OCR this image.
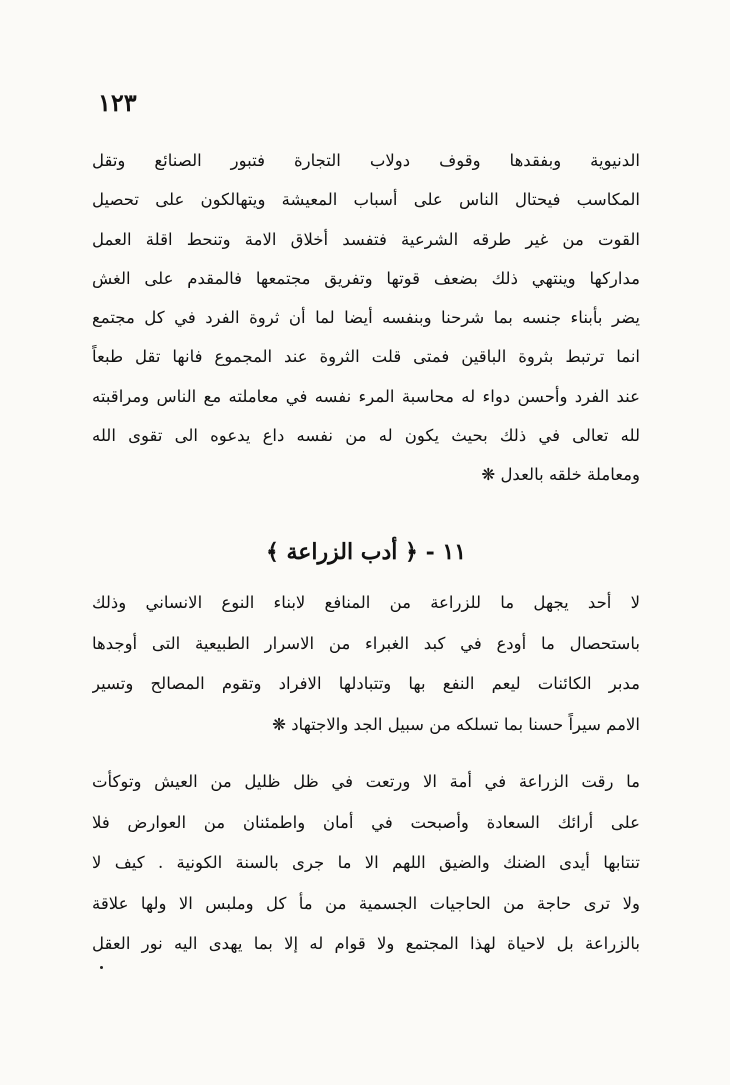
١٢٣
الدنيوية وبفقدها وقوف دولاب التجارة فتبور الصنائع وتقل
المكاسب فيحتال الناس على أسباب المعيشة ويتهالكون على تحصيل
القوت من غير طرقه الشرعية فتفسد أخلاق الامة وتنحط اقلة العمل
مداركها وينتهي ذلك بضعف قوتها وتفريق مجتمعها فالمقدم على الغش
يضر بأبناء جنسه بما شرحنا وبنفسه أيضا لما أن ثروة الفرد في كل مجتمع
انما ترتبط بثروة الباقين فمتى قلت الثروة عند المجموع فانها تقل طبعاً
عند الفرد وأحسن دواء له محاسبة المرء نفسه في معاملته مع الناس ومراقبته
لله تعالى في ذلك بحيث يكون له من نفسه داع يدعوه الى تقوى الله
ومعاملة خلقه بالعدل ❋
١١ - ﴿ أدب الزراعة ﴾
لا أحد يجهل ما للزراعة من المنافع لابناء النوع الانساني وذلك
باستحصال ما أودع في كبد الغبراء من الاسرار الطبيعية التى أوجدها
مدبر الكائنات ليعم النفع بها وتتبادلها الافراد وتقوم المصالح وتسير
الامم سيراً حسنا بما تسلكه من سبيل الجد والاجتهاد ❋
ما رقت الزراعة في أمة الا ورتعت في ظل ظليل من العيش وتوكأت
على أرائك السعادة وأصبحت في أمان واطمئنان من العوارض فلا
تنتابها أيدى الضنك والضيق اللهم الا ما جرى بالسنة الكونية . كيف لا
ولا ترى حاجة من الحاجيات الجسمية من مأ كل وملبس الا ولها علاقة
بالزراعة بل لاحياة لهذا المجتمع ولا قوام له إلا بما يهدى اليه نور العقل
